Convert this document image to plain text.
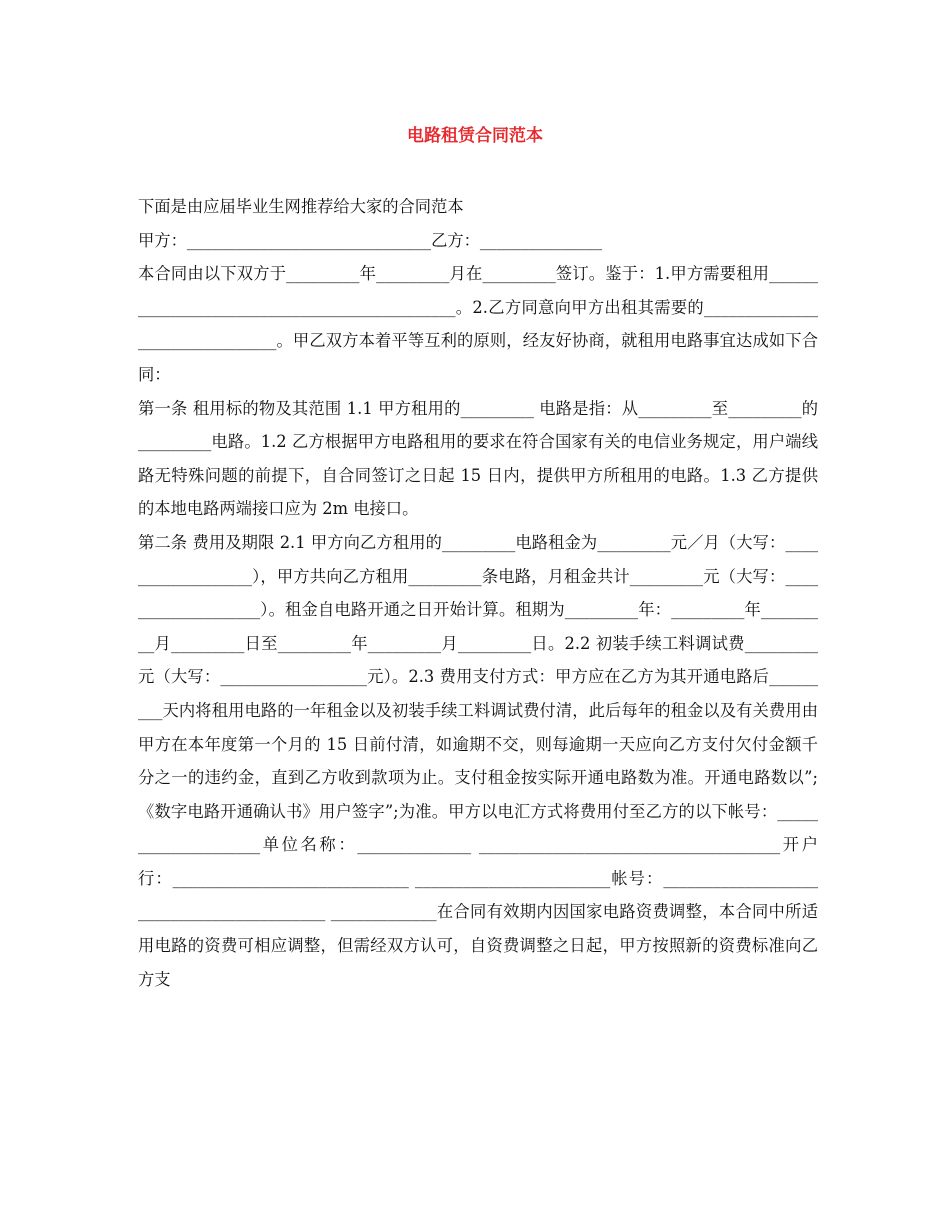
电路租赁合同范本

下面是由应届毕业生网推荐给大家的合同范本

甲方：______________________________乙方：_______________

本合同由以下双方于_________年_________月在_________签订。鉴于：1.甲方需要租用_____________________________________________。2.乙方同意向甲方出租其需要的_______________________________。甲乙双方本着平等互利的原则，经友好协商，就租用电路事宜达成如下合同：

第一条 租用标的物及其范围 1.1 甲方租用的_________ 电路是指：从_________至_________的_________电路。1.2 乙方根据甲方电路租用的要求在符合国家有关的电信业务规定，用户端线路无特殊问题的前提下，自合同签订之日起 15 日内，提供甲方所租用的电路。1.3 乙方提供的本地电路两端接口应为 2m 电接口。

第二条 费用及期限 2.1 甲方向乙方租用的_________电路租金为_________元／月（大写：__________________），甲方共向乙方租用_________条电路，月租金共计_________元（大写：___________________）。租金自电路开通之日开始计算。租期为_________年：_________年_________月_________日至_________年_________月_________日。2.2 初装手续工料调试费_________元（大写：__________________元）。2.3 费用支付方式：甲方应在乙方为其开通电路后_________天内将租用电路的一年租金以及初装手续工料调试费付清，此后每年的租金以及有关费用由甲方在本年度第一个月的 15 日前付清，如逾期不交，则每逾期一天应向乙方支付欠付金额千分之一的违约金，直到乙方收到款项为止。支付租金按实际开通电路数为准。开通电路数以”;《数字电路开通确认书》用户签字”;为准。甲方以电汇方式将费用付至乙方的以下帐号：____________________单位名称：______________ _____________________________________开户行：_____________________________ ________________________帐号：__________________________________________ _____________在合同有效期内因国家电路资费调整，本合同中所适用电路的资费可相应调整，但需经双方认可，自资费调整之日起，甲方按照新的资费标准向乙方支
